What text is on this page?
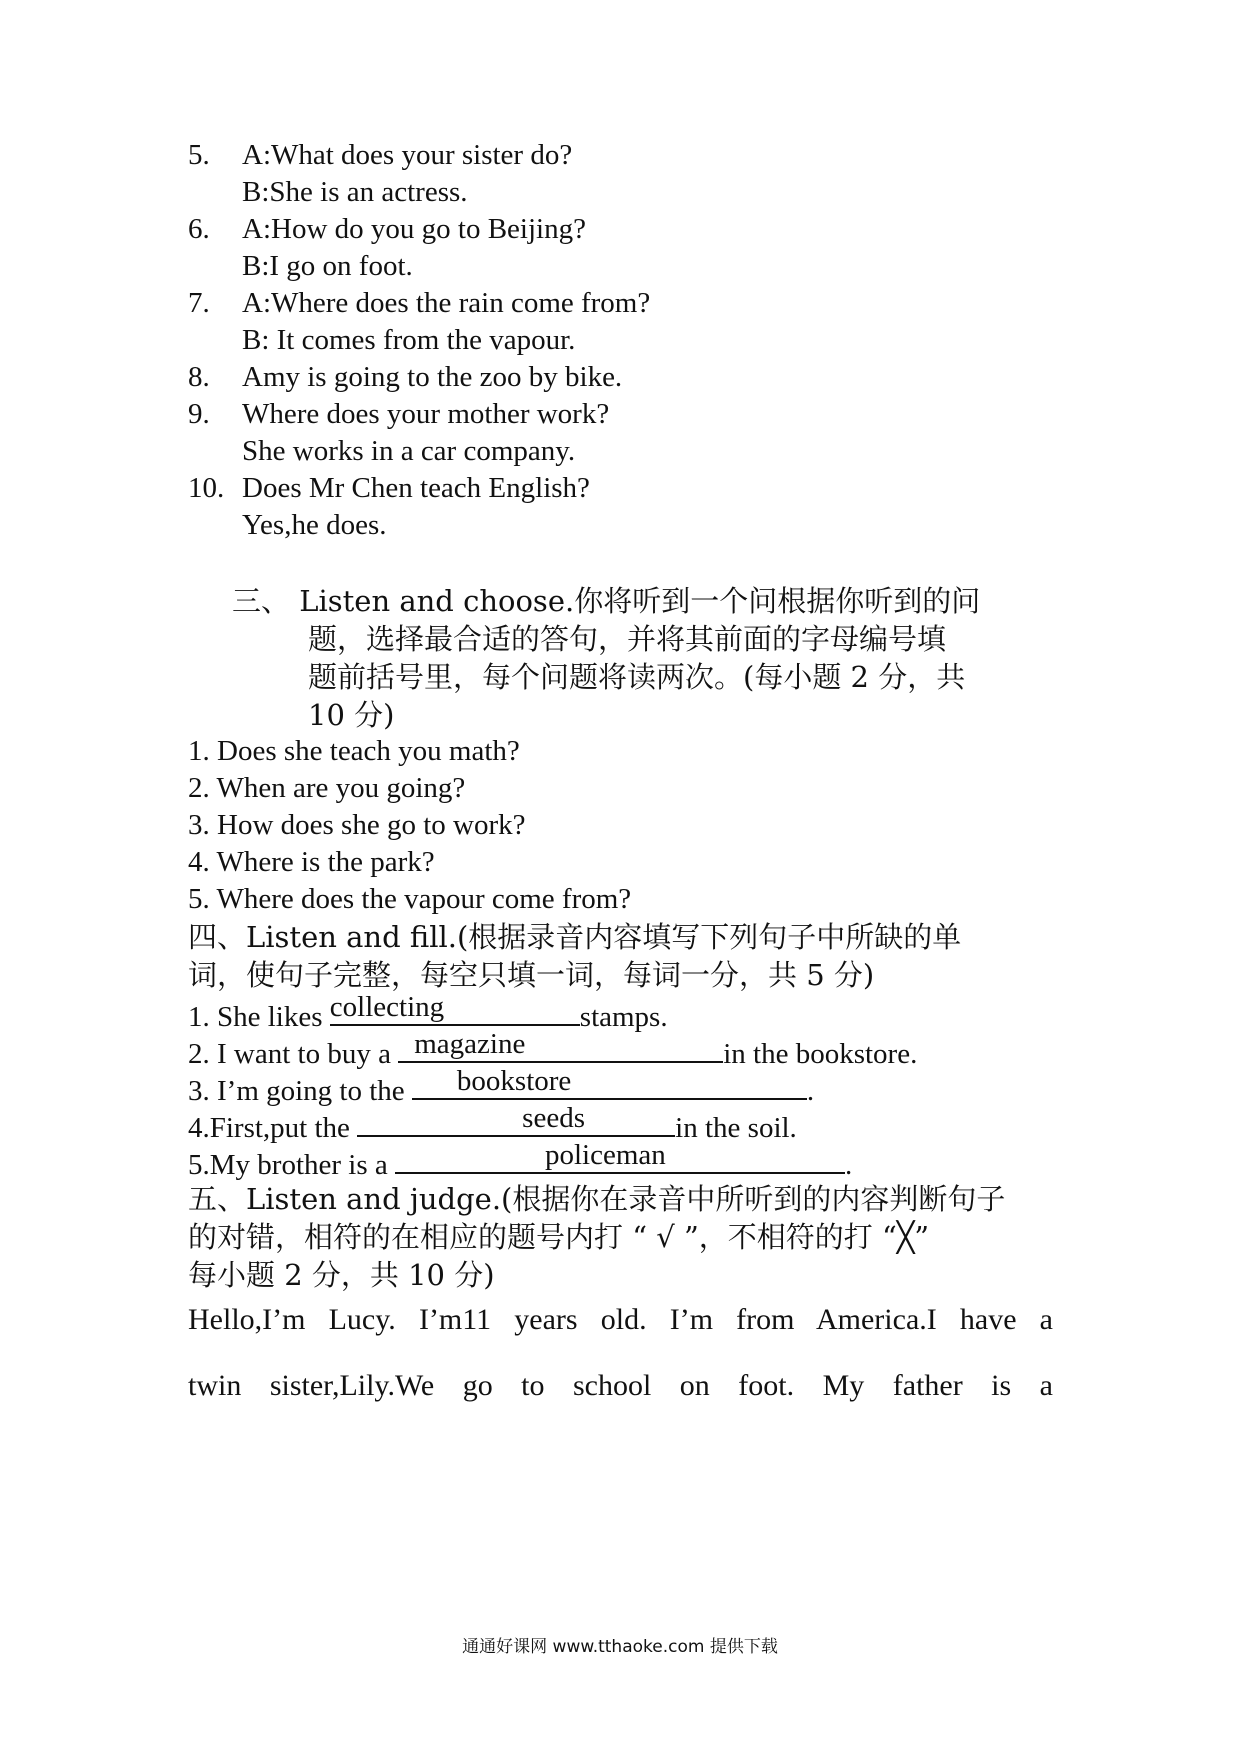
5. A:What does your sister do?
B:She is an actress.
6. A:How do you go to Beijing?
B:I go on foot.
7. A:Where does the rain come from?
B: It comes from the vapour.
8. Amy is going to the zoo by bike.
9. Where does your mother work?
She works in a car company.
10. Does Mr Chen teach English?
Yes,he does.
三、 Listen and choose.你将听到一个问根据你听到的问
题，选择最合适的答句，并将其前面的字母编号填
题前括号里，每个问题将读两次。(每小题 2 分，共
10 分)
1. Does she teach you math?
2. When are you going?
3. How does she go to work?
4. Where is the park?
5. Where does the vapour come from?
四、Listen and fill.(根据录音内容填写下列句子中所缺的单
词，使句子完整，每空只填一词，每词一分，共 5 分)
1. She likes collecting	stamps.
2. I want to buy a magazine	in the bookstore.
3. I’m going to the bookstore	.
4.First,put the	seeds	in the soil.
5.My brother is a	policeman	.
五、Listen and judge.(根据你在录音中所听到的内容判断句子
的对错，相符的在相应的题号内打 “ √ ”，不相符的打 “╳”
每小题 2 分，共 10 分)
Hello,I’m Lucy. I’m11 years old. I’m from America.I have a
twin sister,Lily.We go to school on foot. My father is a
通通好课网 www.tthaoke.com 提供下载
